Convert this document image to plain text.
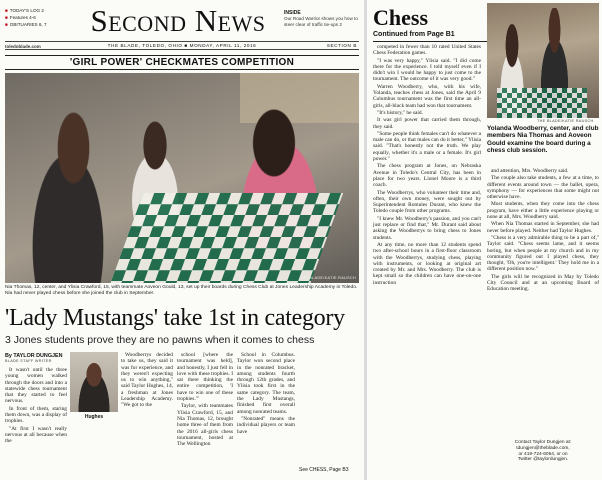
■ TODAY'S LOG 2
■ Features 4-6
■ OBITUARIES 6, 7
toledoblade.com
Second News	INSIDE
Our Road Warrior shows you how to steer clear of traffic tie-ups 2
THE BLADE, TOLEDO, OHIO ■ MONDAY, APRIL 11, 2016	SECTION B
'GIRL POWER' CHECKMATES COMPETITION
THE BLADE/KATIE RAUSCH
Nia Thomas, 12, center, and Ylisia Crawford, 15, with teammate Aoveon Gould, 13, set up their boards during Chess Club at Jones Leadership Academy in Toledo. Nia had never played chess before she joined the club in September.
'Lady Mustangs' take 1st in category
3 Jones students prove they are no pawns when it comes to chess
By TAYLOR DUNGJEN
BLADE STAFF WRITER

It wasn't until the three young women walked through the doors and into a statewide chess tournament that they started to feel nervous.

In front of them, staring them down, was a display of trophies.

"At first I wasn't really nervous at all because when the

Hughes

Woodberrys decided to take us, they said it was for experience, and they weren't expecting us to win anything," said Taylor Hughes, 14, a freshman at Jones Leadership Academy. "We got to the

school [where the tournament was held], and honestly, I just fell in love with these trophies. I sat there thinking the entire competition, 'I have to win one of these trophies.'"

Taylor, with teammates Ylisia Crawford, 15, and Nia Thomas, 12, brought home three of them from the 2016 all-girls chess tournament, hosted at The Wellington

School in Columbus. Taylor won second place in the nonrated bracket, among students fourth through 12th grades, and Ylisia took first in the same category. The team, the Lady Mustangs, finished first overall among nonrated teams.

"Nonrated" means the individual players or team have

See CHESS, Page B3
Chess
Continued from Page B1

competed in fewer than 10 rated United States Chess Federation games.

"I was very happy," Ylisia said. "I did come there for the experience. I told myself even if I didn't win I would be happy to just come to the tournament. The outcome of it was very good."

Warren Woodberry, who, with his wife, Yolanda, teaches chess at Jones, said the April 9 Columbus tournament was the first time an all-girls, all-black team had won that tournament.

"It's history," he said.

It was girl power that carried them through, they said.

"Some people think females can't do whatever a male can do, or that males can do it better," Ylisia said. "That's honestly not the truth. We play equally, whether it's a male or a female. It's girl power."

The chess program at Jones, on Nebraska Avenue in Toledo's Central City, has been in place for two years. Lionel Moore is a third coach.

The Woodberrys, who volunteer their time and, often, their own money, were sought out by Superintendent Romules Durant, who knew the Toledo couple from other programs.

"I knew Mr. Woodberry's passion, and you can't just replace or find that," Mr. Durant said about asking the Woodberrys to bring chess to Jones students.

At any time, no more than 12 students spend two after-school hours in a first-floor classroom with the Woodberrys, studying chess, playing with instruments, or looking at original art created by Mr. and Mrs. Woodberry. The club is kept small so the children can have one-on-one instruction

THE BLADE/KATIE RAUSCH
Yolanda Woodberry, center, and club members Nia Thomas and Aoveon Gould examine the board during a chess club session.

and attention, Mrs. Woodberry said.

The couple also take students, a few at a time, to different events around town — the ballet, opera, symphony — for experiences that some might not otherwise have.

Most students, when they come into the chess program, have either a little experience playing or none at all, Mrs. Woodberry said.

When Nia Thomas started in September, she had never before played. Neither had Taylor Hughes.

"Chess is a very admirable thing to be a part of," Taylor said. "Chess seems lame, and it seems boring, but when people at my church and in my community figured out I played chess, they thought, 'Oh, you're intelligent.' They hold me in a different position now."

The girls will be recognized in May by Toledo City Council and at an upcoming Board of Education meeting.

Contact Taylor Dungjen at:
tdungjen@theblade.com,
or 419-724-6054, or on
Twitter @taylordungjen.
